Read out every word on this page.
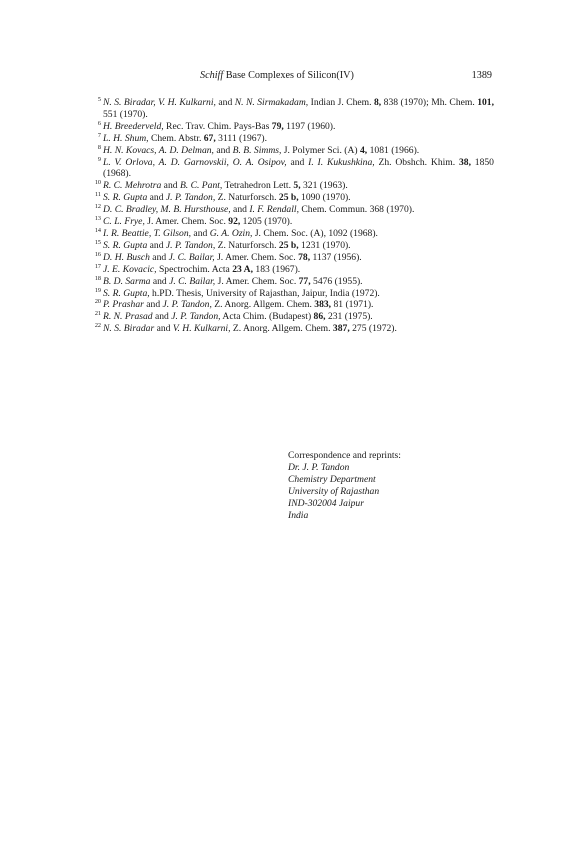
Schiff Base Complexes of Silicon(IV)	1389
5 N. S. Biradar, V. H. Kulkarni, and N. N. Sirmakadam, Indian J. Chem. 8, 838 (1970); Mh. Chem. 101, 551 (1970).
6 H. Breederveld, Rec. Trav. Chim. Pays-Bas 79, 1197 (1960).
7 L. H. Shum, Chem. Abstr. 67, 3111 (1967).
8 H. N. Kovacs, A. D. Delman, and B. B. Simms, J. Polymer Sci. (A) 4, 1081 (1966).
9 L. V. Orlova, A. D. Garnovskii, O. A. Osipov, and I. I. Kukushkina, Zh. Obshch. Khim. 38, 1850 (1968).
10 R. C. Mehrotra and B. C. Pant, Tetrahedron Lett. 5, 321 (1963).
11 S. R. Gupta and J. P. Tandon, Z. Naturforsch. 25 b, 1090 (1970).
12 D. C. Bradley, M. B. Hursthouse, and I. F. Rendall, Chem. Commun. 368 (1970).
13 C. L. Frye, J. Amer. Chem. Soc. 92, 1205 (1970).
14 I. R. Beattie, T. Gilson, and G. A. Ozin, J. Chem. Soc. (A), 1092 (1968).
15 S. R. Gupta and J. P. Tandon, Z. Naturforsch. 25 b, 1231 (1970).
16 D. H. Busch and J. C. Bailar, J. Amer. Chem. Soc. 78, 1137 (1956).
17 J. E. Kovacic, Spectrochim. Acta 23 A, 183 (1967).
18 B. D. Sarma and J. C. Bailar, J. Amer. Chem. Soc. 77, 5476 (1955).
19 S. R. Gupta, h.PD. Thesis, University of Rajasthan, Jaipur, India (1972).
20 P. Prashar and J. P. Tandon, Z. Anorg. Allgem. Chem. 383, 81 (1971).
21 R. N. Prasad and J. P. Tandon, Acta Chim. (Budapest) 86, 231 (1975).
22 N. S. Biradar and V. H. Kulkarni, Z. Anorg. Allgem. Chem. 387, 275 (1972).
Correspondence and reprints:
Dr. J. P. Tandon
Chemistry Department
University of Rajasthan
IND-302004 Jaipur
India
